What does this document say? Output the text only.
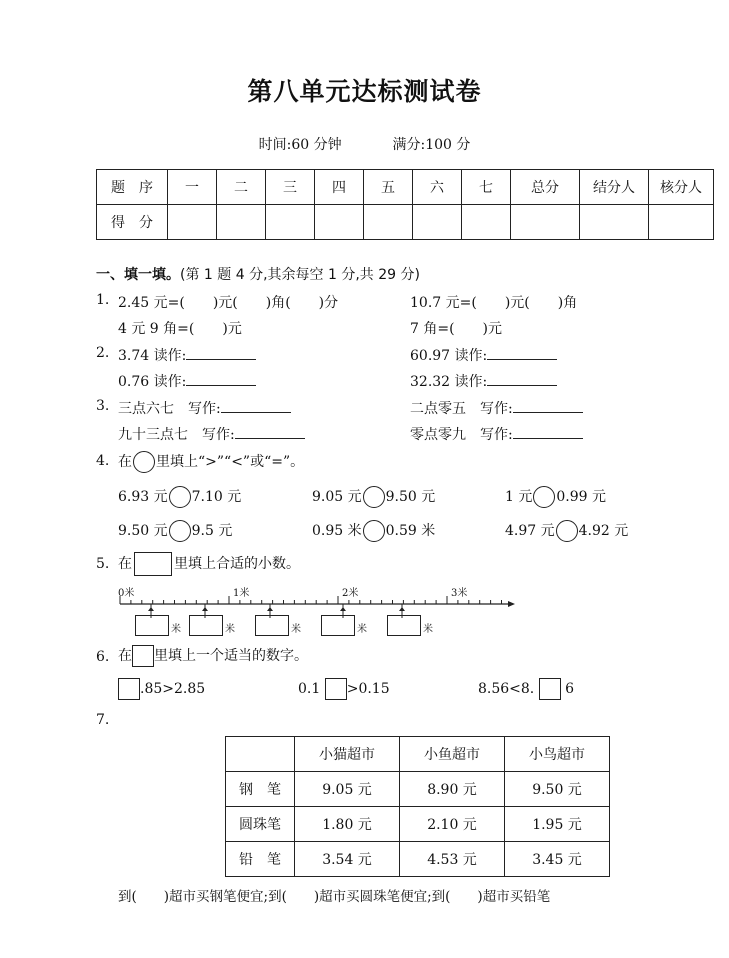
第八单元达标测试卷
时间:60 分钟 　	满分:100 分
题　序	一	二	三	四	五	六	七	总分	结分人	核分人
得　分										
一、填一填。(第 1 题 4 分,其余每空 1 分,共 29 分)
1. 2.45 元=(　　)元(　　)角(　　)分	10.7 元=(　　)元(　　)角
4 元 9 角=(　　)元	7 角=(　　)元
2. 3.74 读作:	60.97 读作:
0.76 读作:	32.32 读作:
3. 三点六七　写作:	二点零五　写作:
九十三点七　写作:	零点零九　写作:
4. 在 里填上“>”“<”或“=”。
6.93 元 7.10 元	9.05 元 9.50 元	1 元 0.99 元
9.50 元 9.5 元	0.95 米 0.59 米	4.97 元 4.92 元
5. 在	里填上合适的小数。
0米	1米	2米	3米
米	米	米	米	米
6. 在 里填上一个适当的数字。
.85>2.85	0.1 >0.15	8.56<8. 6
7.
	小猫超市	小鱼超市	小鸟超市
钢　笔	9.05 元	8.90 元	9.50 元
圆珠笔	1.80 元	2.10 元	1.95 元
铅　笔	3.54 元	4.53 元	3.45 元
到(　　)超市买钢笔便宜;到(　　)超市买圆珠笔便宜;到(　　)超市买铅笔
